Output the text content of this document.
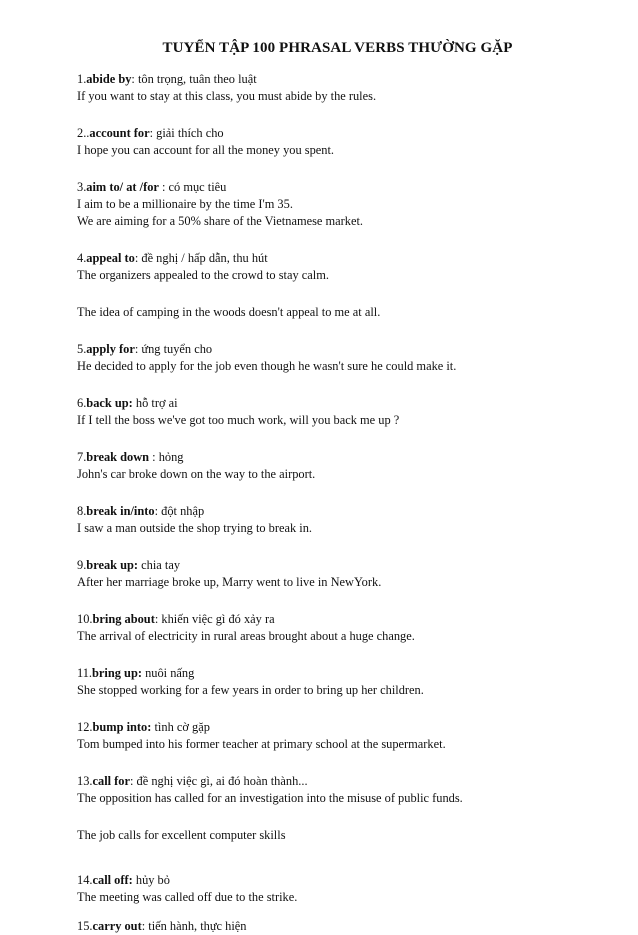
TUYỂN TẬP 100 PHRASAL VERBS THƯỜNG GẶP
1.abide by: tôn trọng, tuân theo luật
If you want to stay at this class, you must abide by the rules.
2..account for: giải thích cho
I hope you can account for all the money you spent.
3.aim to/ at /for : có mục tiêu
I aim to be a millionaire by the time I'm 35.
We are aiming for a 50% share of the Vietnamese market.
4.appeal to: đề nghị / hấp dẫn, thu hút
The organizers appealed to the crowd to stay calm.
The idea of camping in the woods doesn't appeal to me at all.
5.apply for: ứng tuyển cho
He decided to apply for the job even though he wasn't sure he could make it.
6.back up: hỗ trợ ai
If I tell the boss we've got too much work, will you back me up ?
7.break down : hỏng
John's car broke down on the way to the airport.
8.break in/into: đột nhập
I saw a man outside the shop trying to break in.
9.break up: chia tay
After her marriage broke up, Marry went to live in NewYork.
10.bring about: khiến việc gì đó xảy ra
The arrival of electricity in rural areas brought about a huge change.
11.bring up: nuôi nấng
She stopped working for a few years in order to bring up her children.
12.bump into: tình cờ gặp
Tom bumped into his former teacher at primary school at the supermarket.
13.call for: đề nghị việc gì, ai đó hoàn thành...
The opposition has called for an investigation into the misuse of public funds.
The job calls for excellent computer skills
14.call off: hủy bỏ
The meeting was called off due to the strike.
15.carry out: tiến hành, thực hiện
